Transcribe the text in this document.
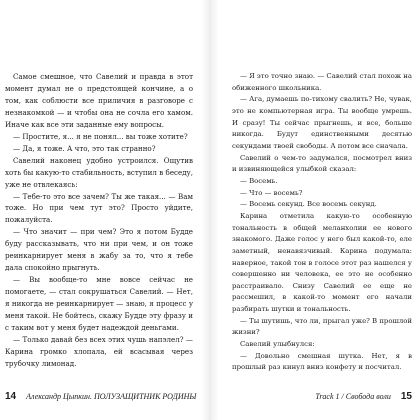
Самое смешное, что Савелий и правда в этот момент думал не о предстоящей кончине, а о том, как соблюсти все приличия в разговоре с незнакомкой — и чтобы она не сочла его хамом. Иначе как все эти заданные ему вопросы.

— Простите, я... я не понял... вы тоже хотите?

— Да, я тоже. А что, это так странно?

Савелий наконец удобно устроился. Ощутив хоть бы какую-то стабильность, вступил в беседу, уже не отвлекаясь:

— Тебе-то это все зачем? Ты же такая... — Вам тоже. Но при чем тут это? Просто уйдите, пожалуйста.

— Что значит — при чем? Это я потом Будде буду рассказывать, что ни при чем, и он тоже реинкарнирует меня в жабу за то, что я тебе дала спокойно прыгнуть.

— Вы вообще-то мне вовсе сейчас не помогаете, — стал сокрушаться Савелий. — Нет, я никогда не реинкарнирует — знаю, я процесс у меня такой. Не бойтесь, скажу Будде эту фразу и с таким вот у меня будет надеждой деньгами.

— Только давай без всех этих чушь напэлел? — Карина громко хлопала, ей всасывая через трубочку лимонад.

14 Александр Цыпкин. ПОЛУЗАЩИТНИК РОДИНЫ

— Я это точно знаю. — Савелий стал похож на обиженного школьника.

— Ага, думаешь по-тихому свалить? Не, чувак, это не компьютерная игра. Ты вообще умрешь. И сразу! Ты сейчас прыгнешь, и все, больше никогда. Будут единственными десятью секундами твоей свободы. А потом все сначала.

Савелий о чем-то задумался, посмотрел вниз и извиняющейся улыбкой сказал:

— Восемь.

— Что — восемь?

— Восемь секунд. Все восемь секунд.

Карина отметила какую-то особенную тональность в общей меланхолии ее нового знакомого. Даже голос у него был какой-то, еле заметный, ненавязчивый. Карина подумала: наверное, такой тон в голосе этот раз нашелся у совершенно ни человека, ее это не особенно расстраивало. Снизу Савелий ее еще не рассмешил, в какой-то момент его начали разбирать шутки и тональность.

— Ты шутишь, что ли, прыгал уже? В прошлой жизни?

Савелий улыбнулся:

— Довольно смешная шутка. Нет, я в прошлый раз кинул вниз конфету и посчитал.

Track 1 / Свобода воли 15
